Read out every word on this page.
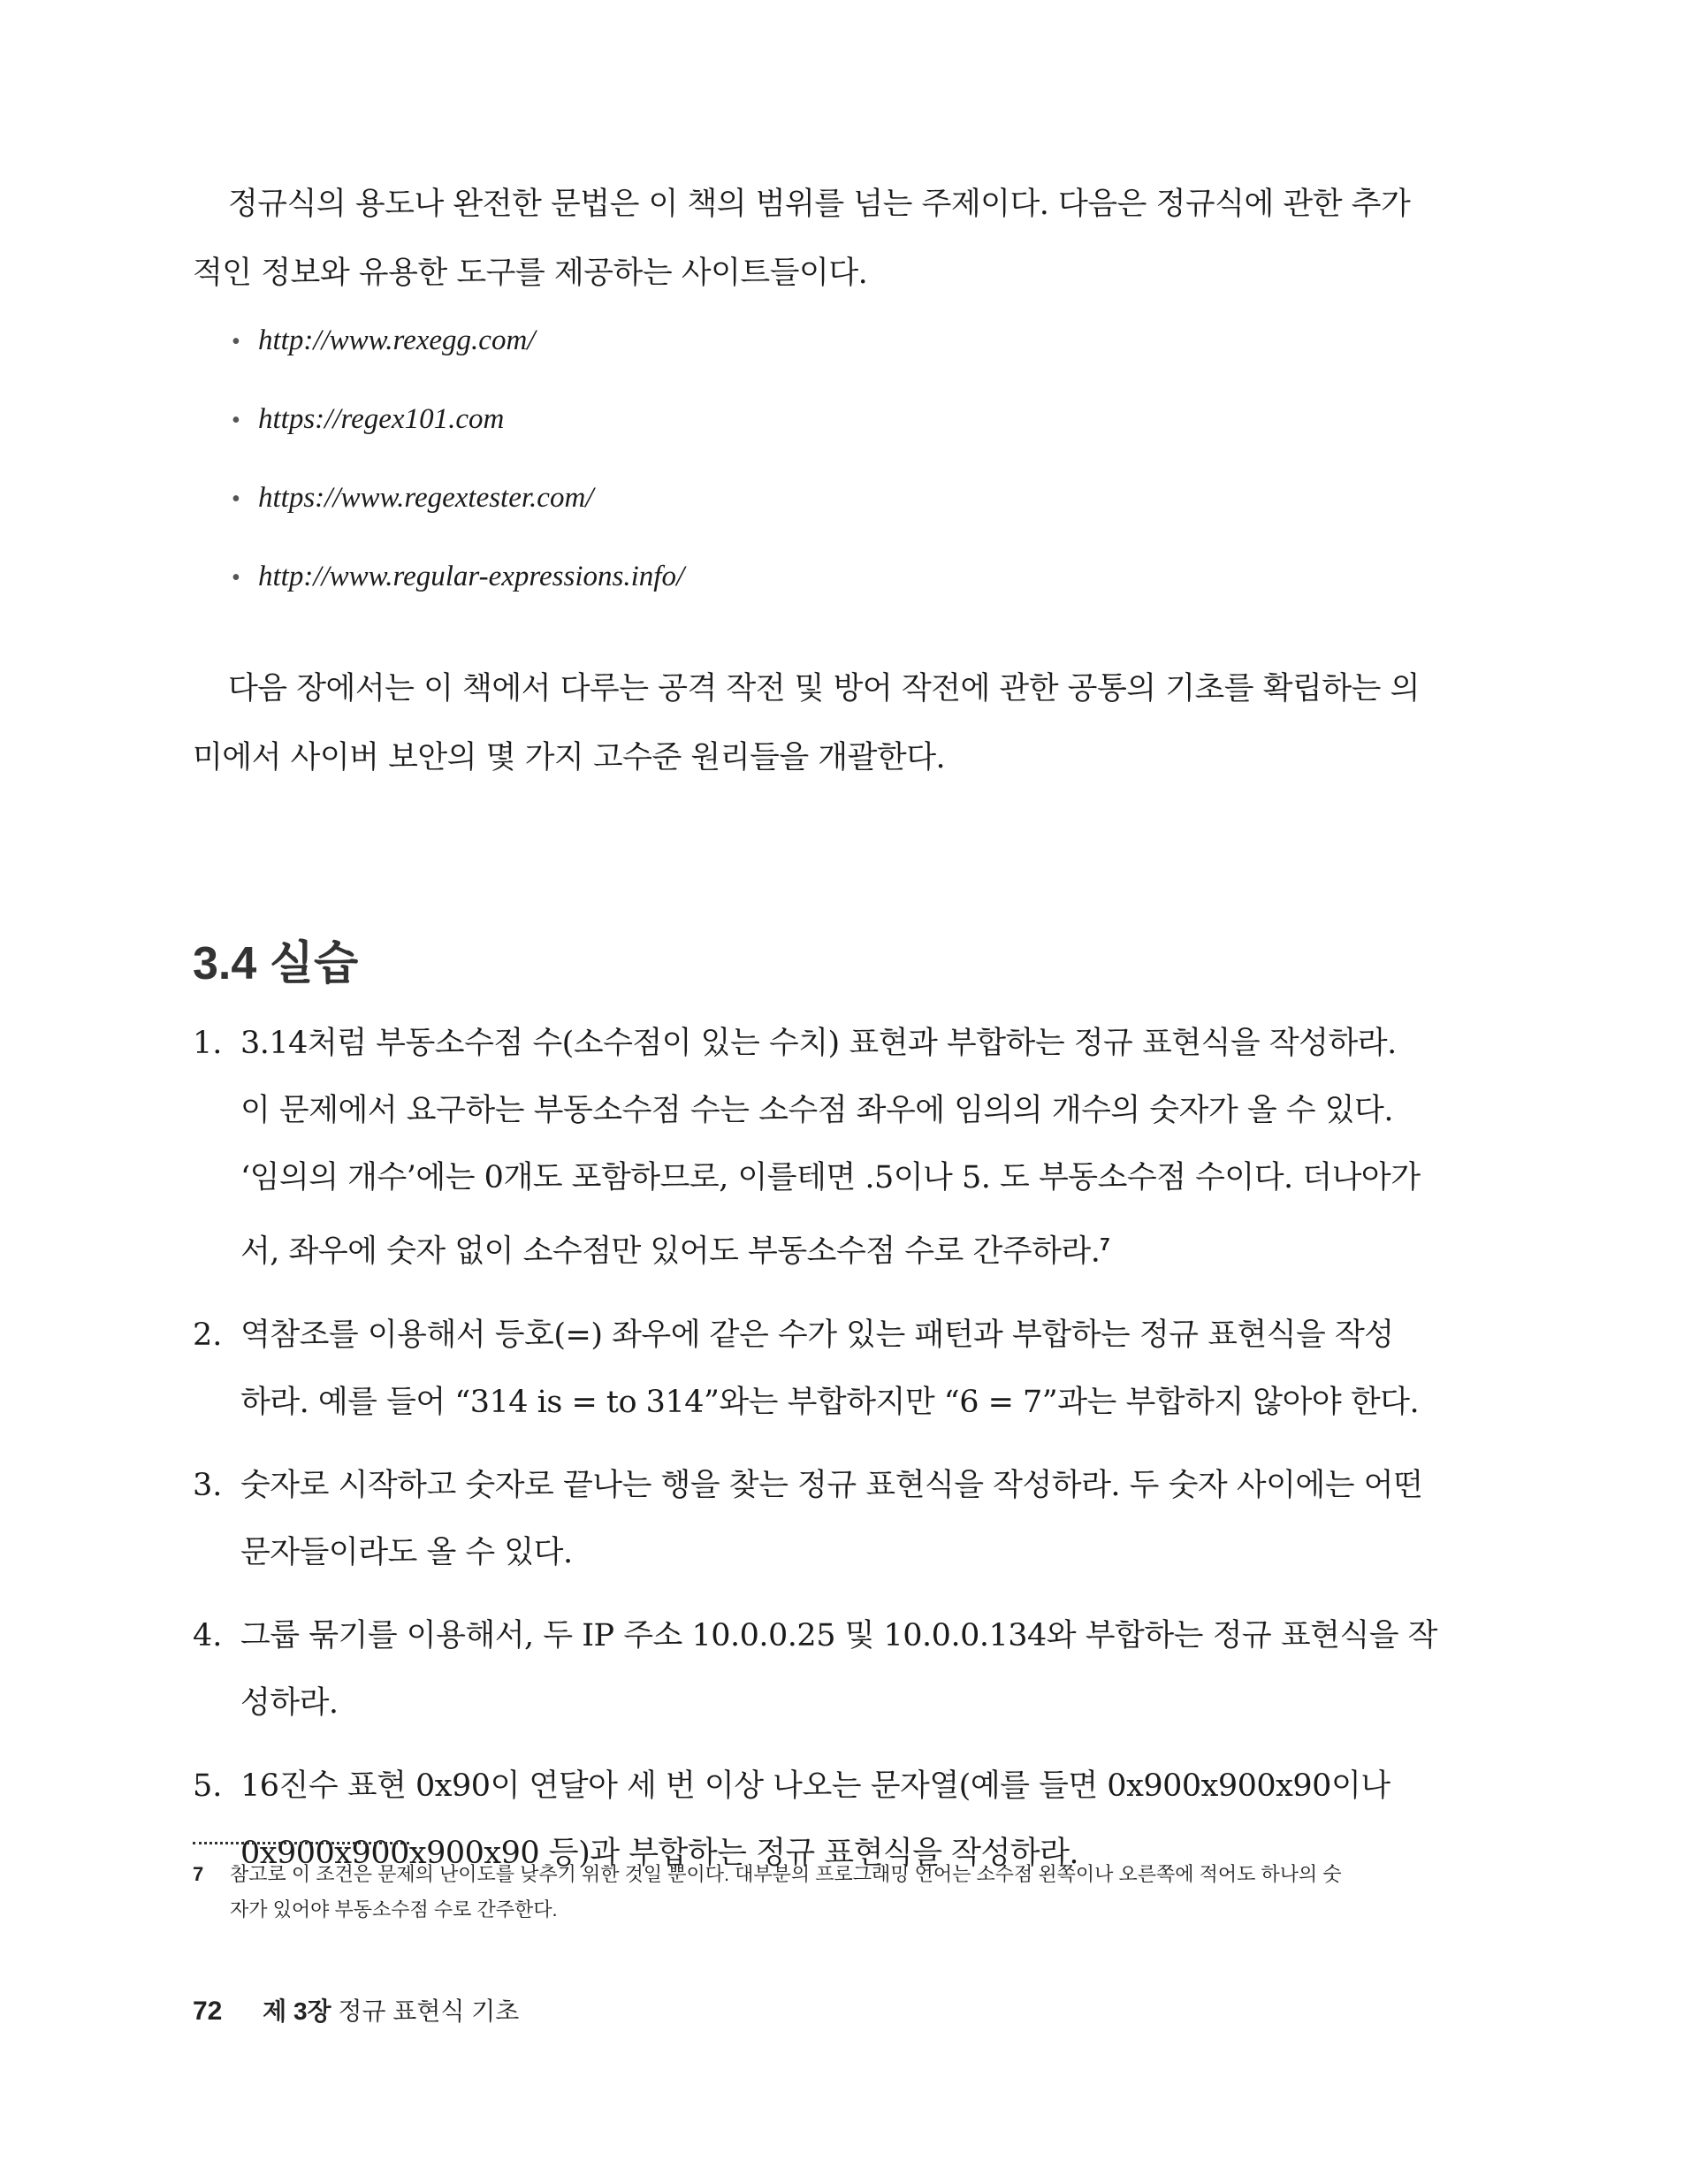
정규식의 용도나 완전한 문법은 이 책의 범위를 넘는 주제이다. 다음은 정규식에 관한 추가
적인 정보와 유용한 도구를 제공하는 사이트들이다.
• http://www.rexegg.com/
• https://regex101.com
• https://www.regextester.com/
• http://www.regular-expressions.info/
다음 장에서는 이 책에서 다루는 공격 작전 및 방어 작전에 관한 공통의 기초를 확립하는 의
미에서 사이버 보안의 몇 가지 고수준 원리들을 개괄한다.
3.4 실습
1. 3.14처럼 부동소수점 수(소수점이 있는 수치) 표현과 부합하는 정규 표현식을 작성하라.
이 문제에서 요구하는 부동소수점 수는 소수점 좌우에 임의의 개수의 숫자가 올 수 있다.
‘임의의 개수’에는 0개도 포함하므로, 이를테면 .5이나 5. 도 부동소수점 수이다. 더나아가
서, 좌우에 숫자 없이 소수점만 있어도 부동소수점 수로 간주하라.$^7$
2. 역참조를 이용해서 등호(=) 좌우에 같은 수가 있는 패턴과 부합하는 정규 표현식을 작성
하라. 예를 들어 “314 is = to 314”와는 부합하지만 “6 = 7”과는 부합하지 않아야 한다.
3. 숫자로 시작하고 숫자로 끝나는 행을 찾는 정규 표현식을 작성하라. 두 숫자 사이에는 어떤
문자들이라도 올 수 있다.
4. 그룹 묶기를 이용해서, 두 IP 주소 10.0.0.25 및 10.0.0.134와 부합하는 정규 표현식을 작
성하라.
5. 16진수 표현 0x90이 연달아 세 번 이상 나오는 문자열(예를 들면 0x900x900x90이나
0x900x900x900x90 등)과 부합하는 정규 표현식을 작성하라.
7 참고로 이 조건은 문제의 난이도를 낮추기 위한 것일 뿐이다. 대부분의 프로그래밍 언어는 소수점 왼쪽이나 오른쪽에 적어도 하나의 숫
자가 있어야 부동소수점 수로 간주한다.
72 제 3장 정규 표현식 기초
